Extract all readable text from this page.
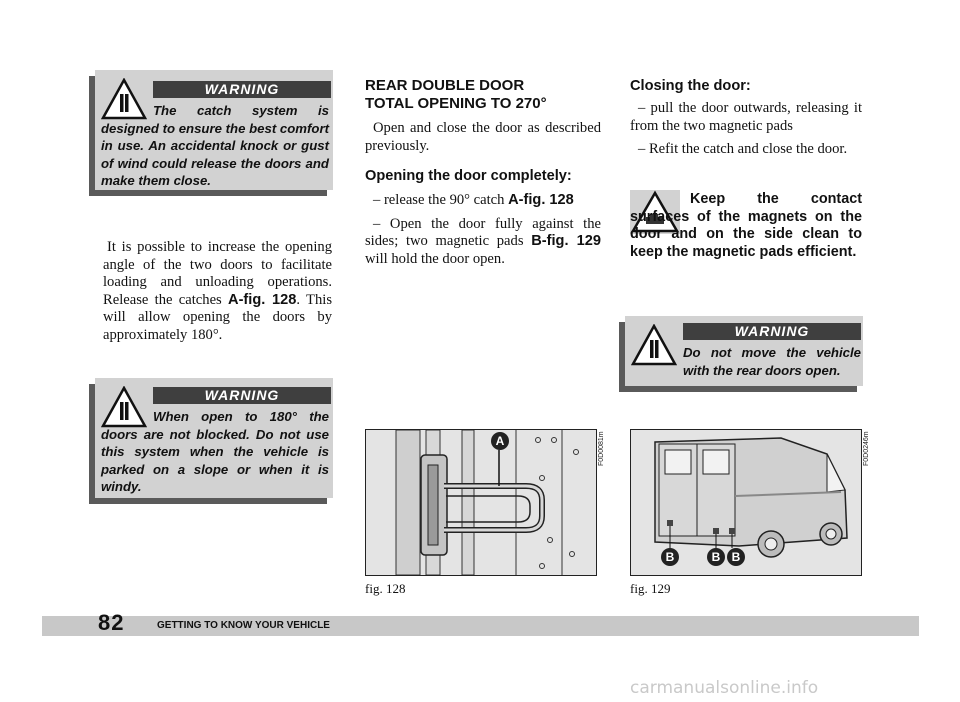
WARNING

The catch system is designed to ensure the best comfort in use. An accidental knock or gust of wind could release the doors and make them close.

It is possible to increase the opening angle of the two doors to facilitate loading and unloading operations. Release the catches A-fig. 128. This will allow opening the doors by approximately 180°.

WARNING

When open to 180° the doors are not blocked. Do not use this system when the vehicle is parked on a slope or when it is windy.

REAR DOUBLE DOOR
TOTAL OPENING TO 270°

Open and close the door as described previously.

Opening the door completely:

– release the 90° catch A-fig. 128

– Open the door fully against the sides; two magnetic pads B-fig. 129 will hold the door open.

Closing the door:

– pull the door outwards, releasing it from the two magnetic pads

– Refit the catch and close the door.

Keep the contact surfaces of the magnets on the door and on the side clean to keep the magnetic pads efficient.

WARNING

Do not move the vehicle with the rear doors open.

A	F0D0081m
fig. 128
B	B B
F0D0246m
fig. 129
82	GETTING TO KNOW YOUR VEHICLE
carmanualsonline.info
